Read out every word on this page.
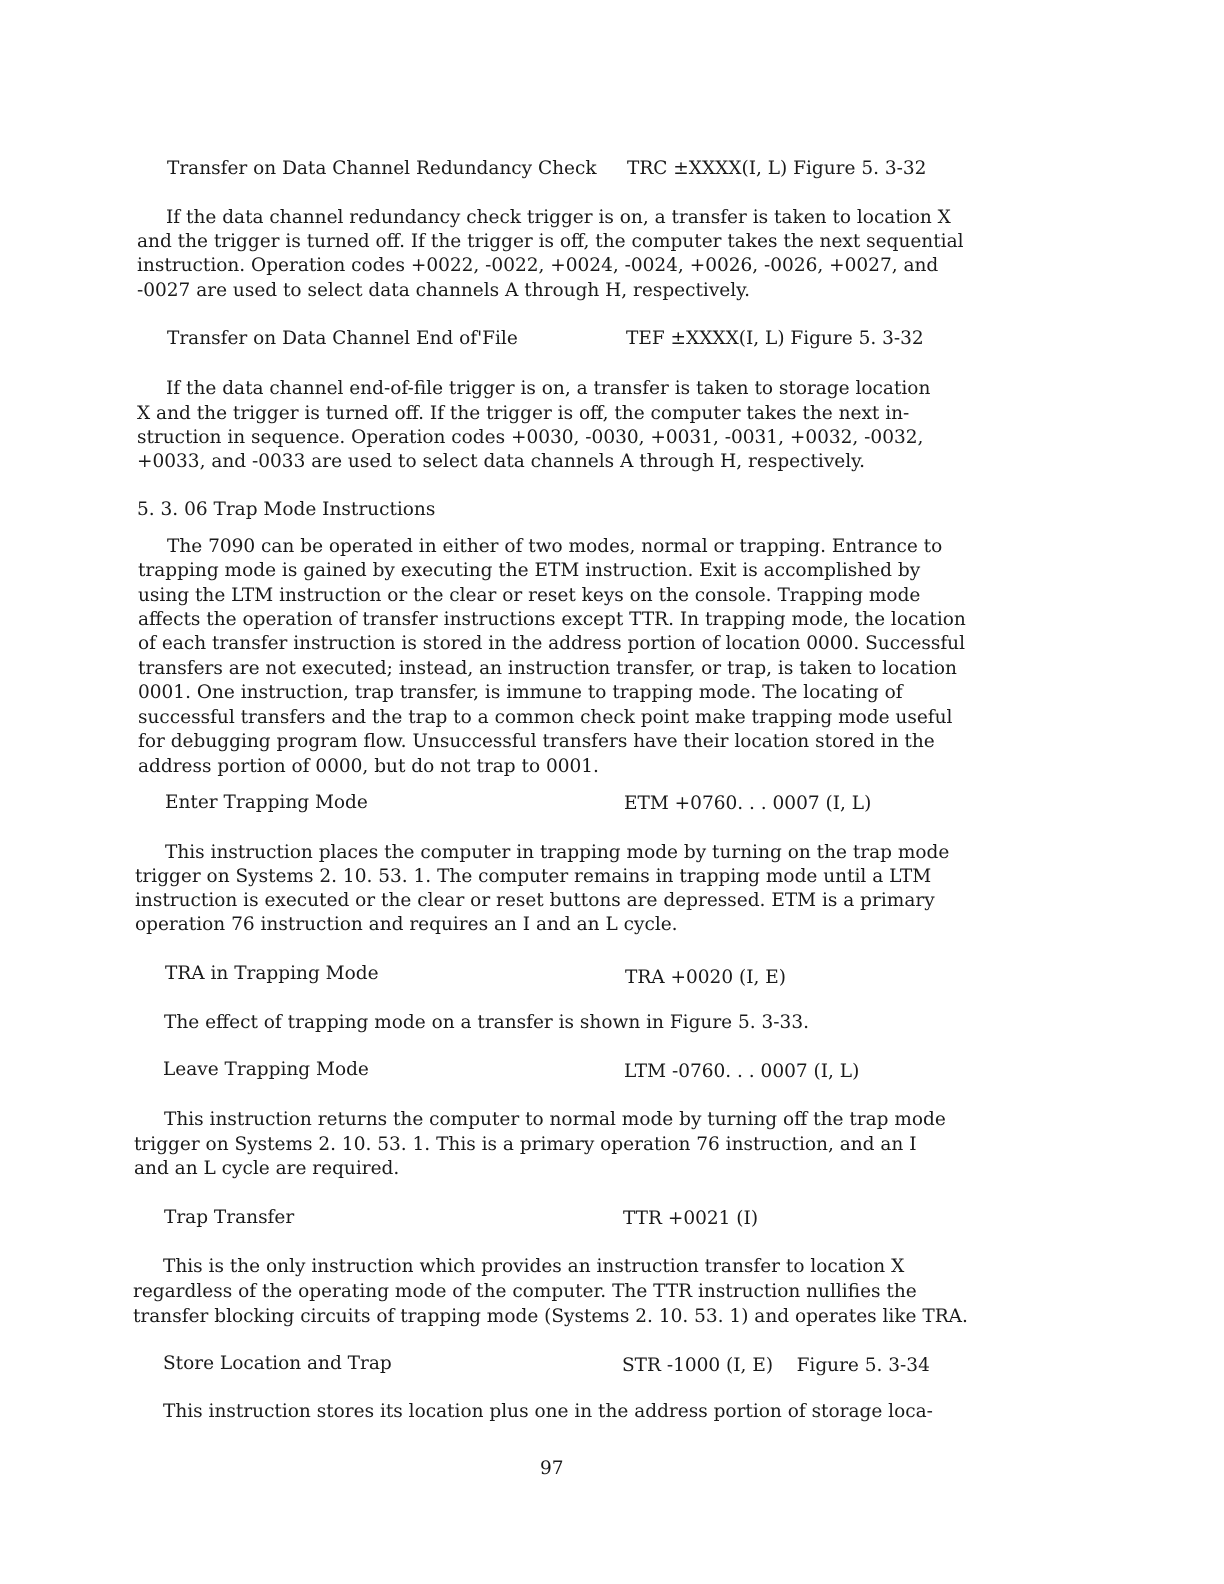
Transfer on Data Channel Redundancy Check TRC ±XXXX(I, L) Figure 5. 3-32
If the data channel redundancy check trigger is on, a transfer is taken to location X
and the trigger is turned off. If the trigger is off, the computer takes the next sequential
instruction. Operation codes +0022, -0022, +0024, -0024, +0026, -0026, +0027, and
-0027 are used to select data channels A through H, respectively.
Transfer on Data Channel End of'File	TEF ±XXXX(I, L) Figure 5. 3-32
If the data channel end-of-file trigger is on, a transfer is taken to storage location
X and the trigger is turned off. If the trigger is off, the computer takes the next in-
struction in sequence. Operation codes +0030, -0030, +0031, -0031, +0032, -0032,
+0033, and -0033 are used to select data channels A through H, respectively.
5. 3. 06 Trap Mode Instructions
The 7090 can be operated in either of two modes, normal or trapping. Entrance to
trapping mode is gained by executing the ETM instruction. Exit is accomplished by
using the LTM instruction or the clear or reset keys on the console. Trapping mode
affects the operation of transfer instructions except TTR. In trapping mode, the location
of each transfer instruction is stored in the address portion of location 0000. Successful
transfers are not executed; instead, an instruction transfer, or trap, is taken to location
0001. One instruction, trap transfer, is immune to trapping mode. The locating of
successful transfers and the trap to a common check point make trapping mode useful
for debugging program flow. Unsuccessful transfers have their location stored in the
address portion of 0000, but do not trap to 0001.
Enter Trapping Mode	ETM +0760. . . 0007 (I, L)
This instruction places the computer in trapping mode by turning on the trap mode
trigger on Systems 2. 10. 53. 1. The computer remains in trapping mode until a LTM
instruction is executed or the clear or reset buttons are depressed. ETM is a primary
operation 76 instruction and requires an I and an L cycle.
TRA in Trapping Mode	TRA +0020 (I, E)
The effect of trapping mode on a transfer is shown in Figure 5. 3-33.
Leave Trapping Mode	LTM -0760. . . 0007 (I, L)
This instruction returns the computer to normal mode by turning off the trap mode
trigger on Systems 2. 10. 53. 1. This is a primary operation 76 instruction, and an I
and an L cycle are required.
Trap Transfer	TTR +0021 (I)
This is the only instruction which provides an instruction transfer to location X
regardless of the operating mode of the computer. The TTR instruction nullifies the
transfer blocking circuits of trapping mode (Systems 2. 10. 53. 1) and operates like TRA.
Store Location and Trap	STR -1000 (I, E)    Figure 5. 3-34
This instruction stores its location plus one in the address portion of storage loca-
97
